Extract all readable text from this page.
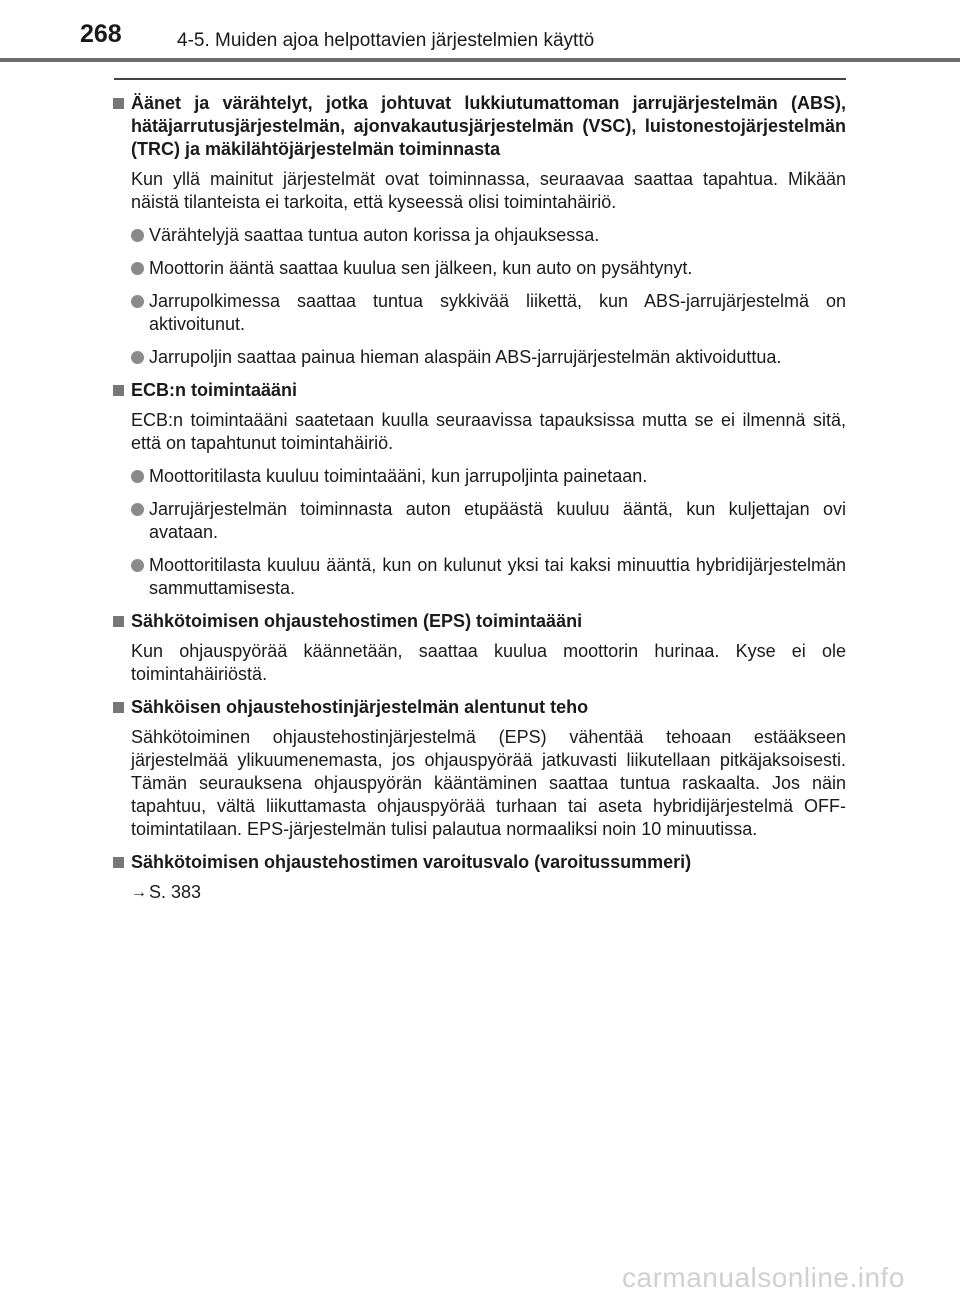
268	4-5. Muiden ajoa helpottavien järjestelmien käyttö
Äänet ja värähtelyt, jotka johtuvat lukkiutumattoman jarrujärjestelmän (ABS), hätäjarrutusjärjestelmän, ajonvakautusjärjestelmän (VSC), luistonestojärjestelmän (TRC) ja mäkilähtöjärjestelmän toiminnasta
Kun yllä mainitut järjestelmät ovat toiminnassa, seuraavaa saattaa tapahtua. Mikään näistä tilanteista ei tarkoita, että kyseessä olisi toimintahäiriö.
Värähtelyjä saattaa tuntua auton korissa ja ohjauksessa.
Moottorin ääntä saattaa kuulua sen jälkeen, kun auto on pysähtynyt.
Jarrupolkimessa saattaa tuntua sykkivää liikettä, kun ABS-jarrujärjestelmä on aktivoitunut.
Jarrupoljin saattaa painua hieman alaspäin ABS-jarrujärjestelmän aktivoiduttua.
ECB:n toimintaääni
ECB:n toimintaääni saatetaan kuulla seuraavissa tapauksissa mutta se ei ilmennä sitä, että on tapahtunut toimintahäiriö.
Moottoritilasta kuuluu toimintaääni, kun jarrupoljinta painetaan.
Jarrujärjestelmän toiminnasta auton etupäästä kuuluu ääntä, kun kuljettajan ovi avataan.
Moottoritilasta kuuluu ääntä, kun on kulunut yksi tai kaksi minuuttia hybridijärjestelmän sammuttamisesta.
Sähkötoimisen ohjaustehostimen (EPS) toimintaääni
Kun ohjauspyörää käännetään, saattaa kuulua moottorin hurinaa. Kyse ei ole toimintahäiriöstä.
Sähköisen ohjaustehostinjärjestelmän alentunut teho
Sähkötoiminen ohjaustehostinjärjestelmä (EPS) vähentää tehoaan estääkseen järjestelmää ylikuumenemasta, jos ohjauspyörää jatkuvasti liikutellaan pitkäjaksoisesti. Tämän seurauksena ohjauspyörän kääntäminen saattaa tuntua raskaalta. Jos näin tapahtuu, vältä liikuttamasta ohjauspyörää turhaan tai aseta hybridijärjestelmä OFF-toimintatilaan. EPS-järjestelmän tulisi palautua normaaliksi noin 10 minuutissa.
Sähkötoimisen ohjaustehostimen varoitusvalo (varoitussummeri)
→ S. 383
carmanualsonline.info
